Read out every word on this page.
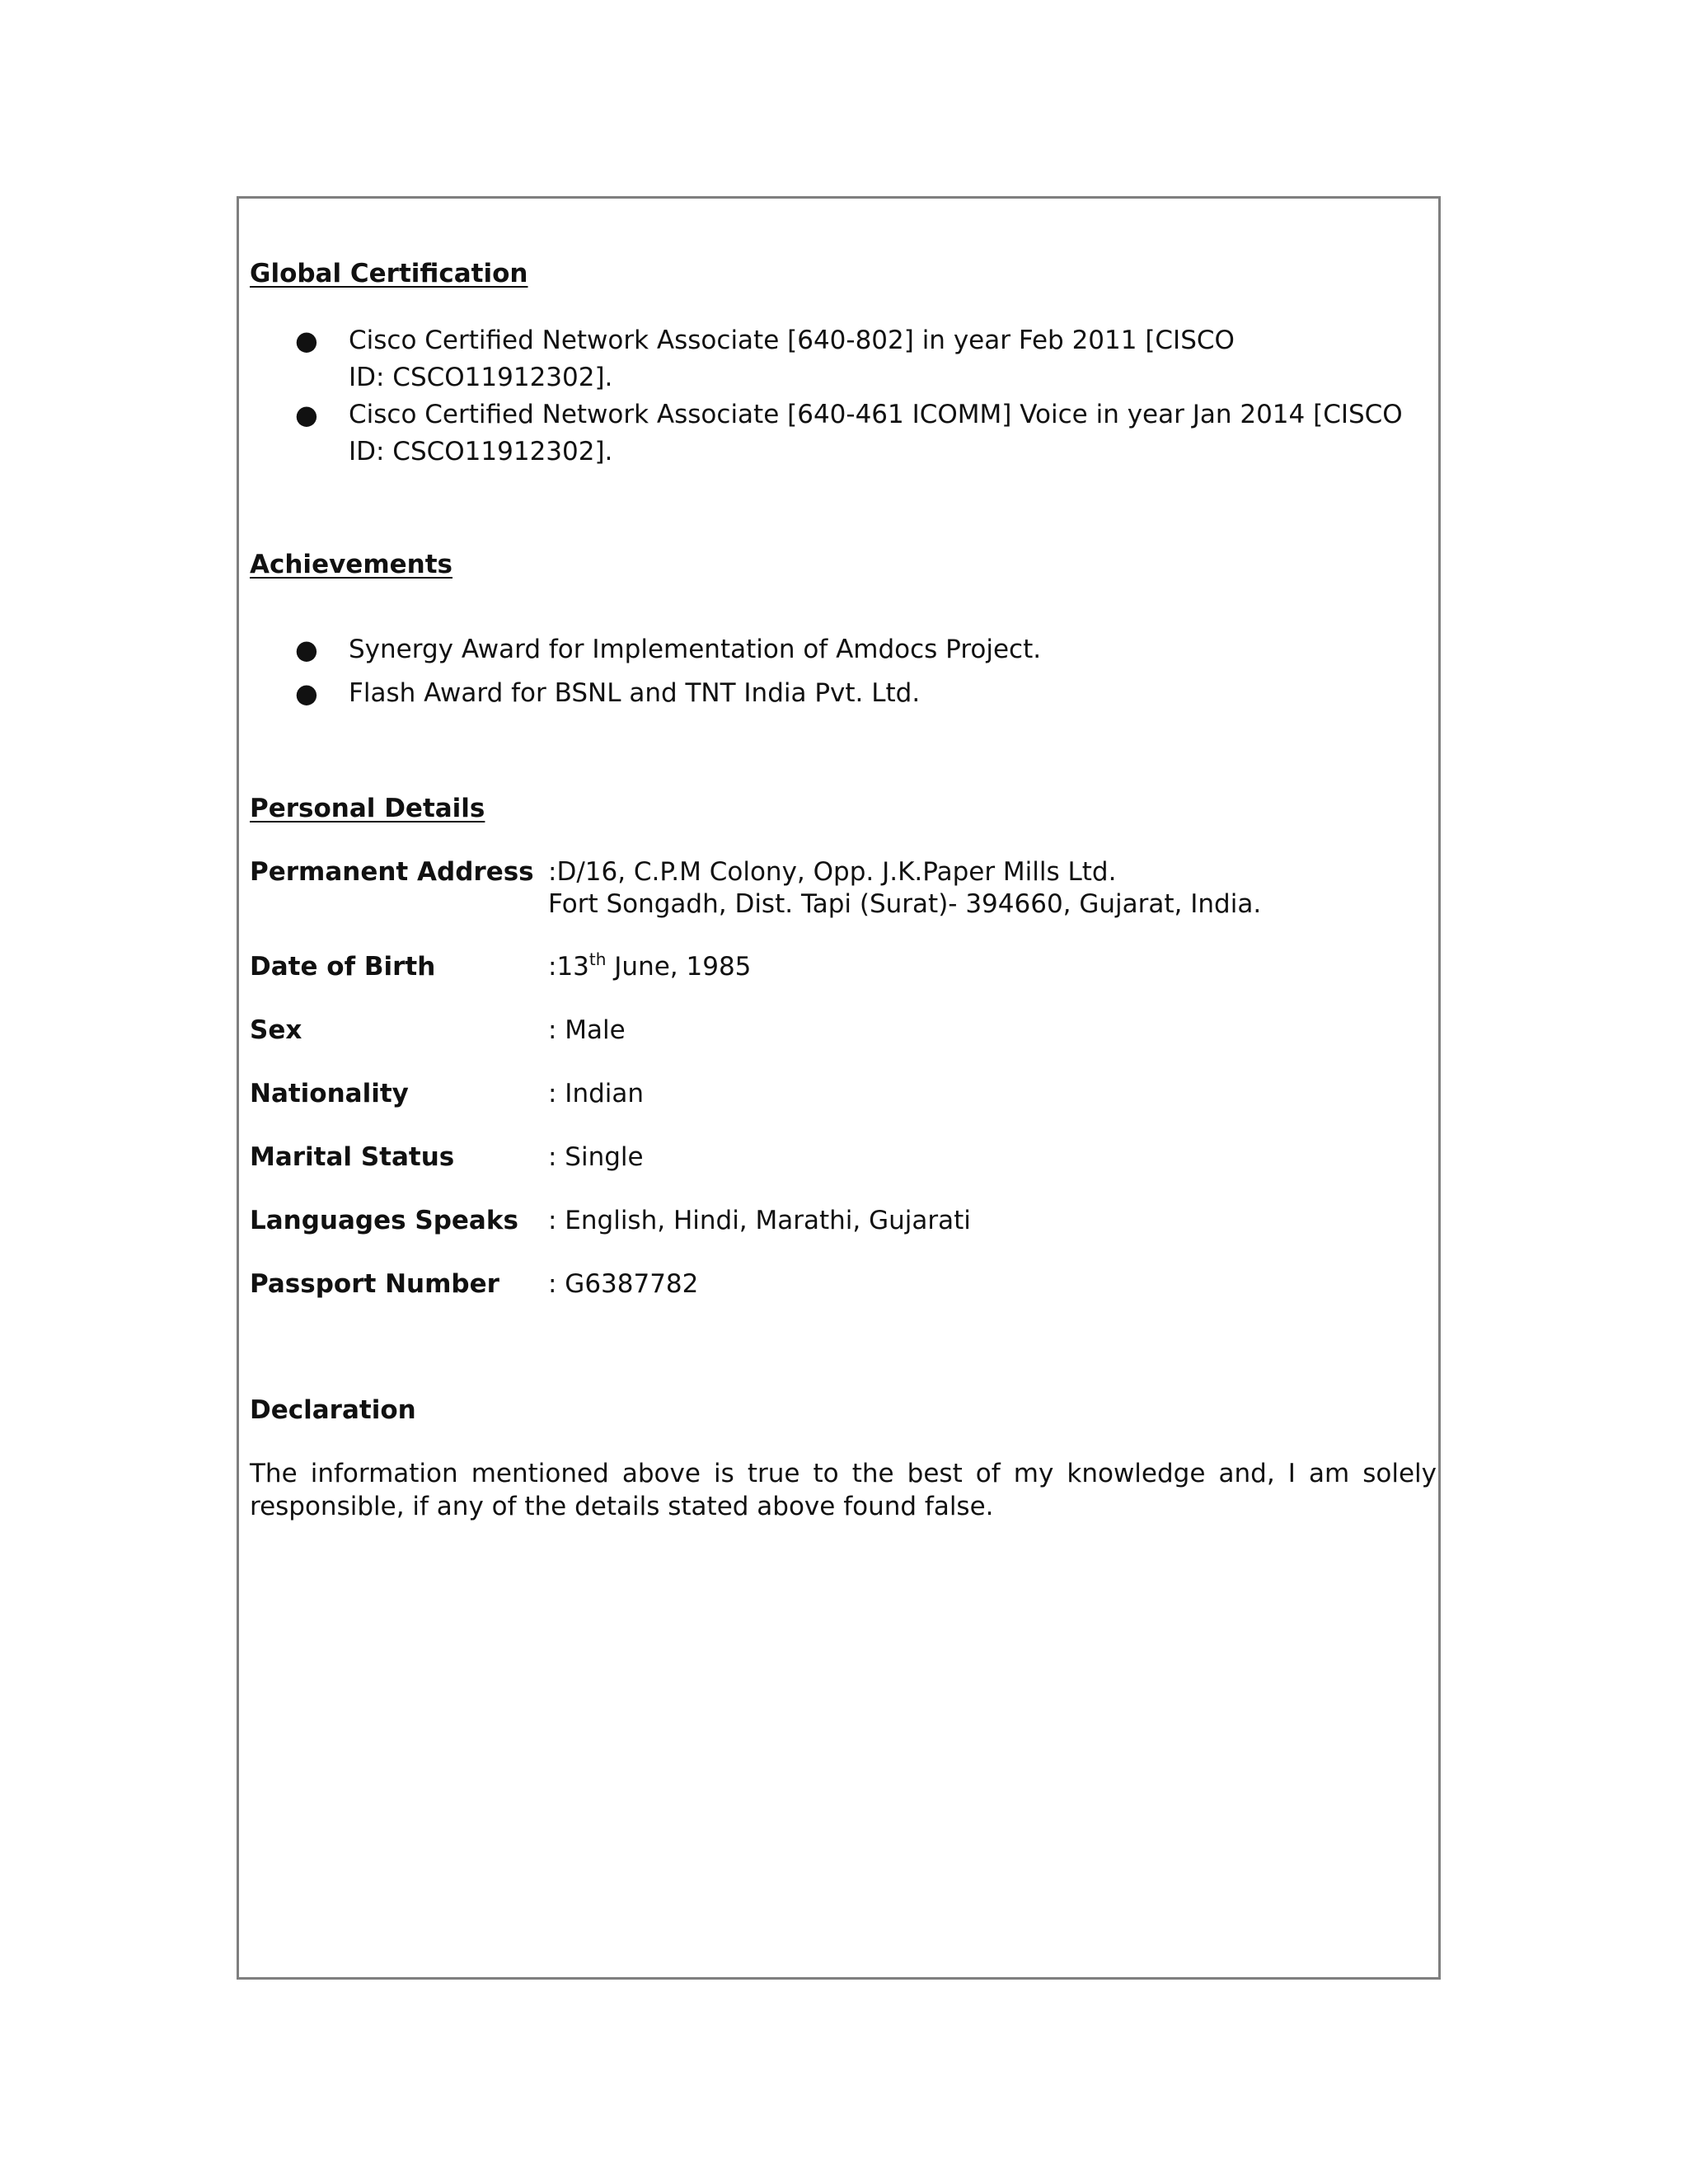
Global Certification
● Cisco Certified Network Associate [640-802] in year Feb 2011 [CISCO ID: CSCO11912302].
● Cisco Certified Network Associate [640-461 ICOMM] Voice in year Jan 2014 [CISCO ID: CSCO11912302].
Achievements
● Synergy Award for Implementation of Amdocs Project.
● Flash Award for BSNL and TNT India Pvt. Ltd.
Personal Details
Permanent Address :D/16, C.P.M Colony, Opp. J.K.Paper Mills Ltd.
Fort Songadh, Dist. Tapi (Surat)- 394660, Gujarat, India.
Date of Birth	:13th June, 1985
Sex	: Male
Nationality	: Indian
Marital Status	: Single
Languages Speaks : English, Hindi, Marathi, Gujarati
Passport Number : G6387782
Declaration
The information mentioned above is true to the best of my knowledge and, I am solely responsible, if any of the details stated above found false.
